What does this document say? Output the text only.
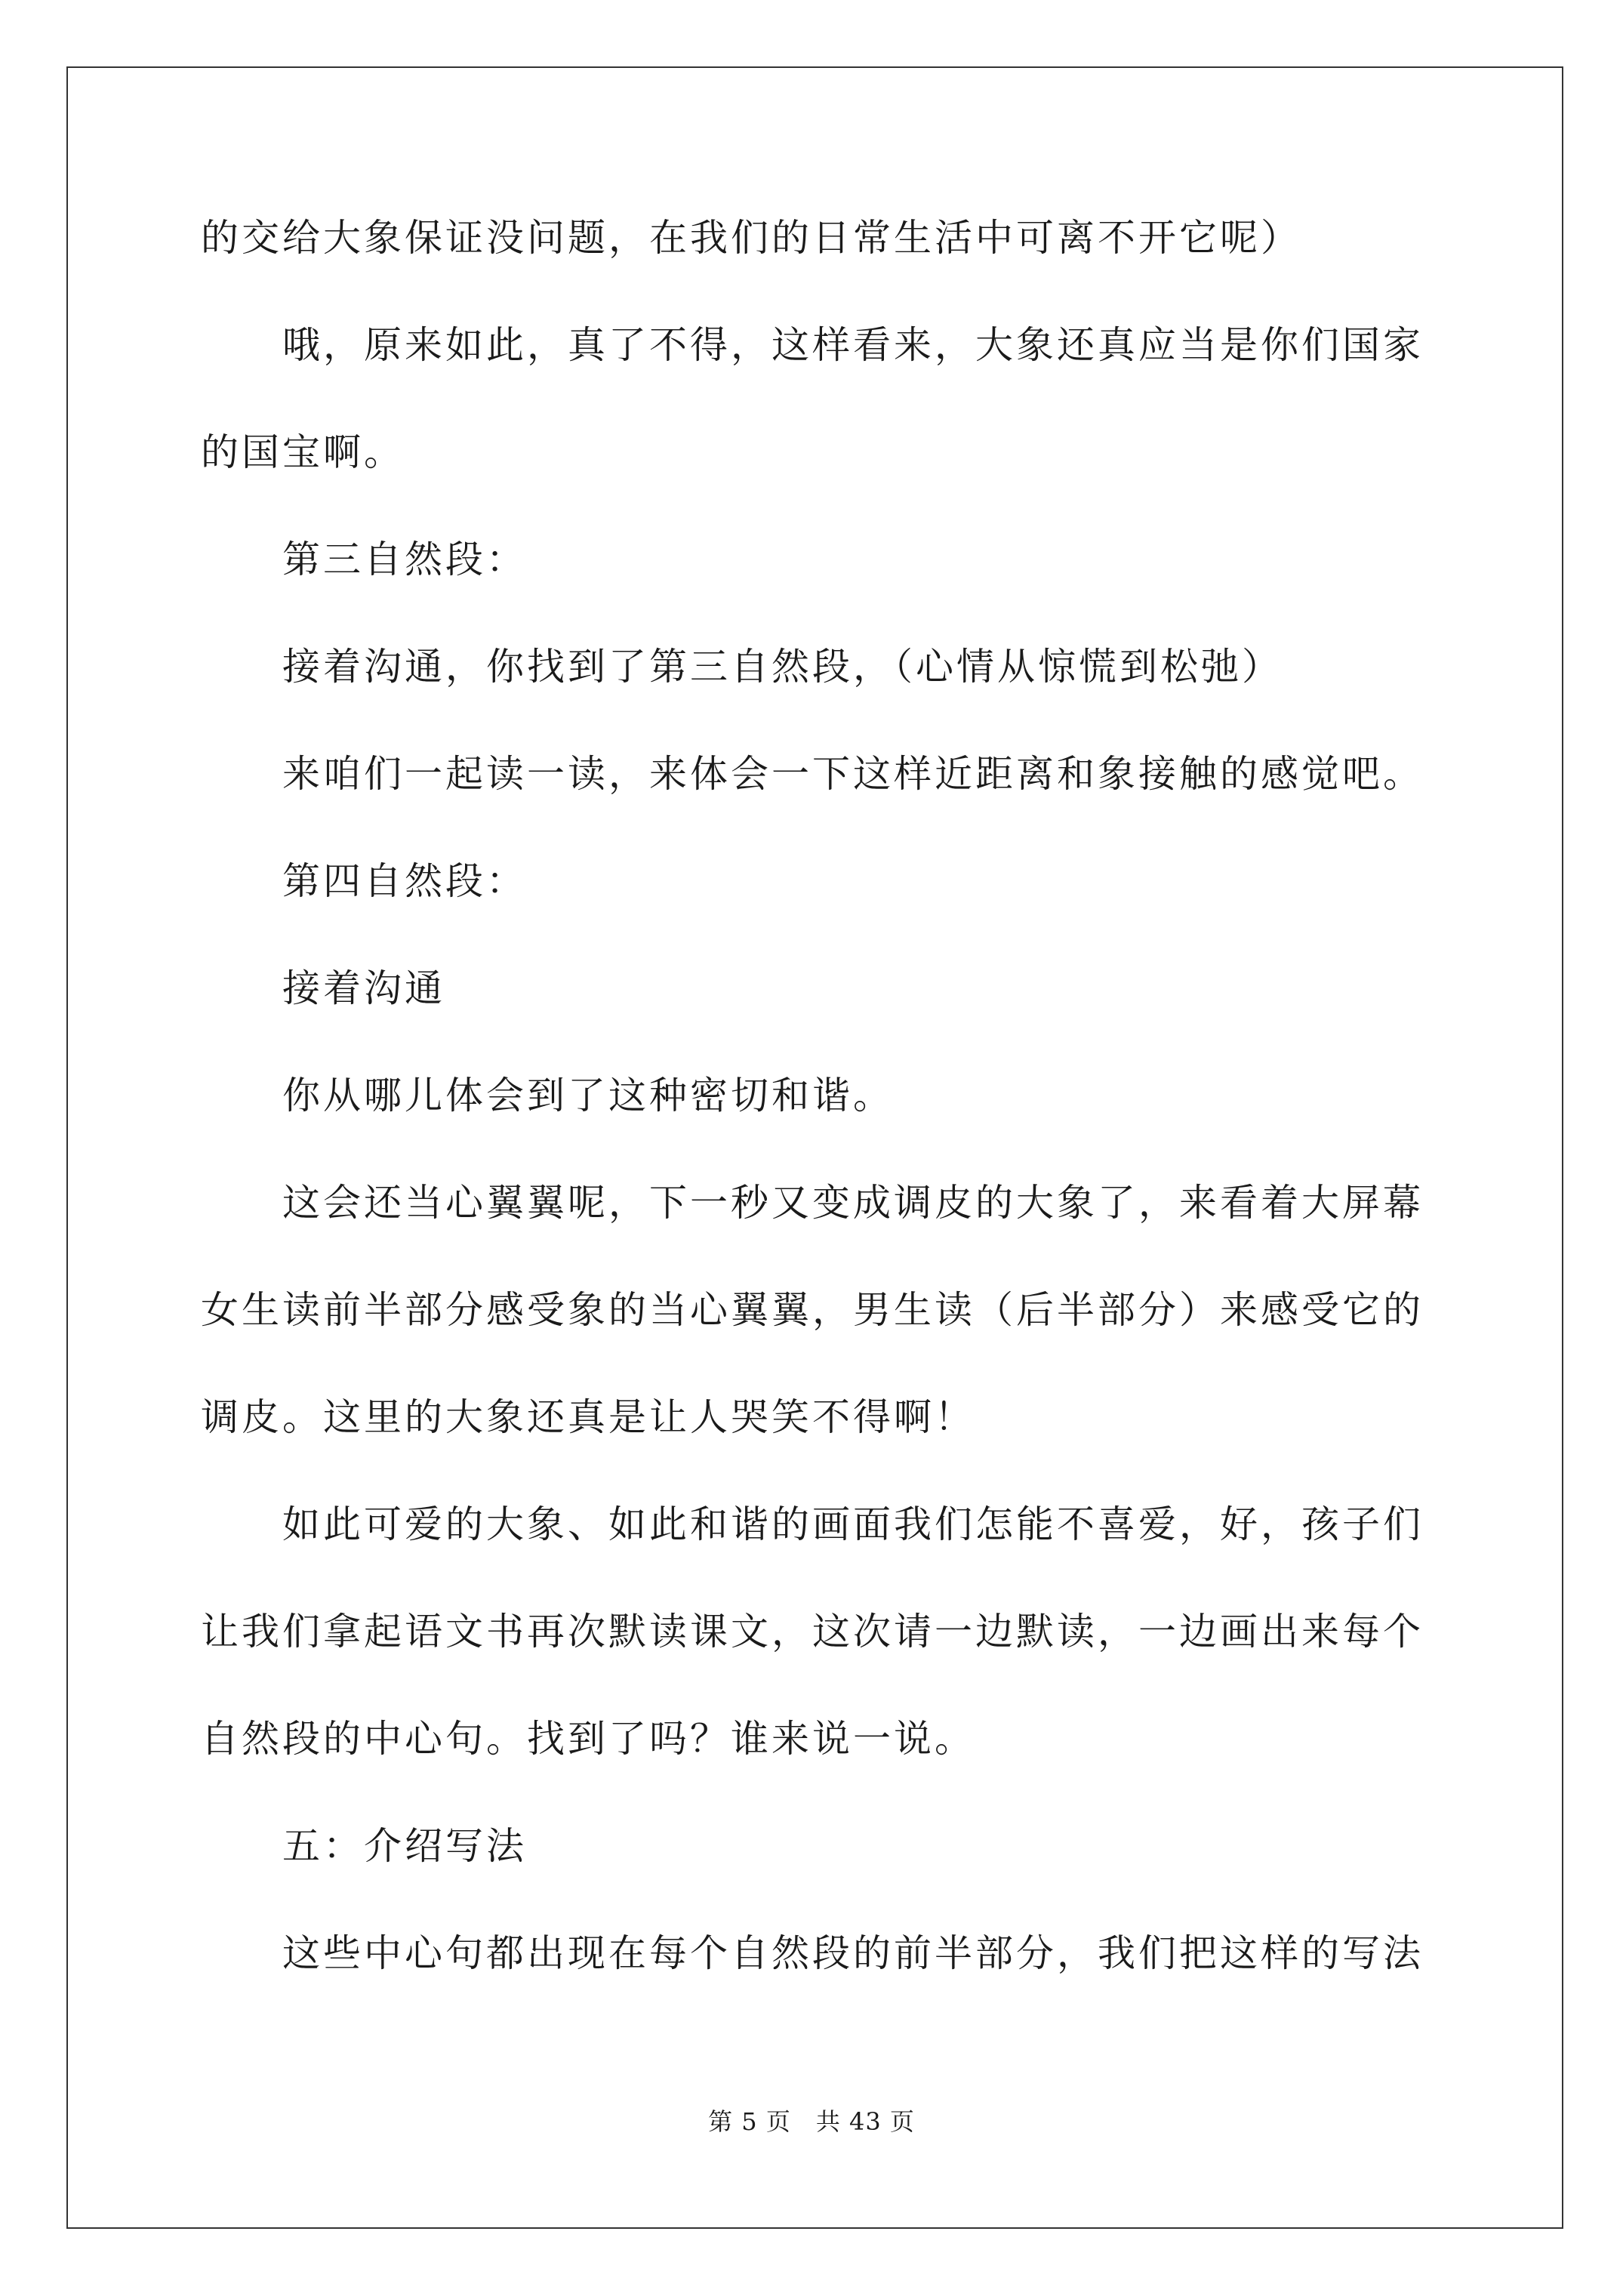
的交给大象保证没问题，在我们的日常生活中可离不开它呢）
哦，原来如此，真了不得，这样看来，大象还真应当是你们国家
的国宝啊。
第三自然段：
接着沟通，你找到了第三自然段，（心情从惊慌到松弛）
来咱们一起读一读，来体会一下这样近距离和象接触的感觉吧。
第四自然段：
接着沟通
你从哪儿体会到了这种密切和谐。
这会还当心翼翼呢，下一秒又变成调皮的大象了，来看着大屏幕
女生读前半部分感受象的当心翼翼，男生读（后半部分）来感受它的
调皮。这里的大象还真是让人哭笑不得啊！
如此可爱的大象、如此和谐的画面我们怎能不喜爱，好，孩子们
让我们拿起语文书再次默读课文，这次请一边默读，一边画出来每个
自然段的中心句。找到了吗？谁来说一说。
五：介绍写法
这些中心句都出现在每个自然段的前半部分，我们把这样的写法
第 5 页　共 43 页
